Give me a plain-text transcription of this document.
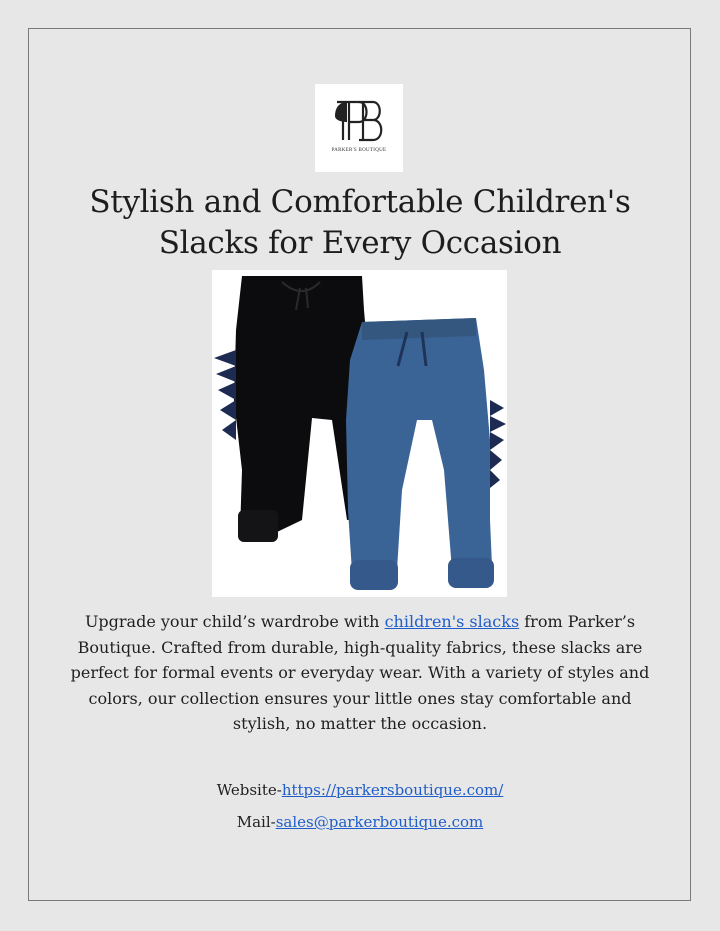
PARKER'S BOUTIQUE
Stylish and Comfortable Children's Slacks for Every Occasion

Upgrade your child’s wardrobe with children's slacks from Parker’s Boutique. Crafted from durable, high-quality fabrics, these slacks are perfect for formal events or everyday wear. With a variety of styles and colors, our collection ensures your little ones stay comfortable and stylish, no matter the occasion.

Website-https://parkersboutique.com/

Mail-sales@parkerboutique.com
